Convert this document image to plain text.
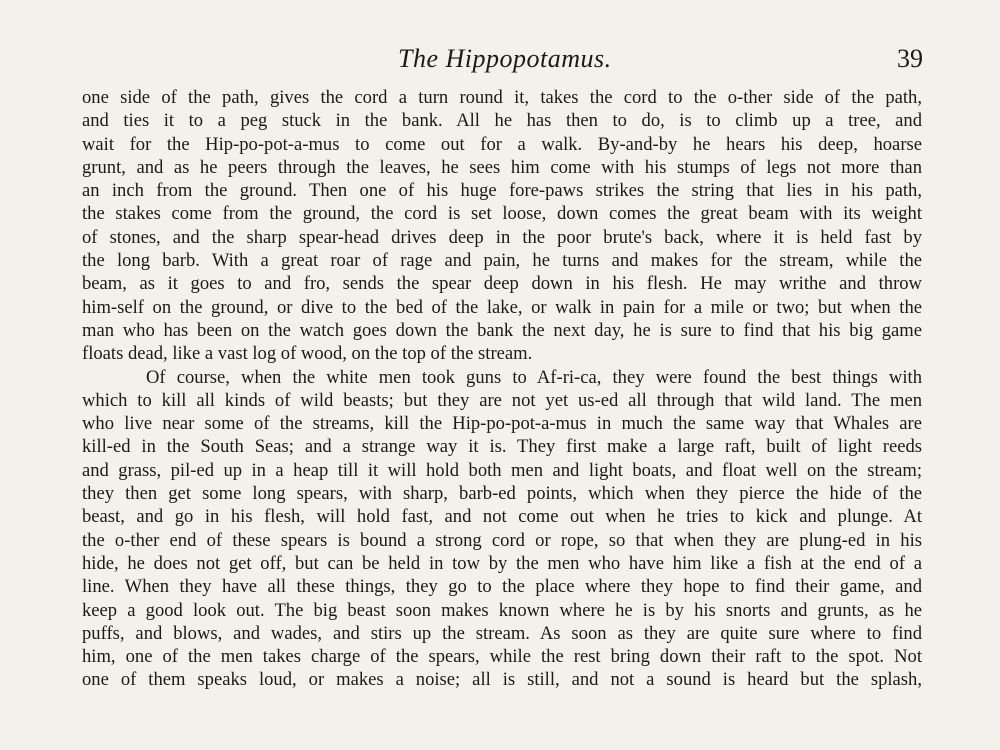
The Hippopotamus.	39
one side of the path, gives the cord a turn round it, takes the cord to the o-ther side of the path,
and ties it to a peg stuck in the bank. All he has then to do, is to climb up a tree, and
wait for the Hip-po-pot-a-mus to come out for a walk. By-and-by he hears his deep, hoarse
grunt, and as he peers through the leaves, he sees him come with his stumps of legs not more than
an inch from the ground. Then one of his huge fore-paws strikes the string that lies in his path,
the stakes come from the ground, the cord is set loose, down comes the great beam with its weight
of stones, and the sharp spear-head drives deep in the poor brute's back, where it is held fast by
the long barb. With a great roar of rage and pain, he turns and makes for the stream, while the
beam, as it goes to and fro, sends the spear deep down in his flesh. He may writhe and throw
him-self on the ground, or dive to the bed of the lake, or walk in pain for a mile or two; but when the
man who has been on the watch goes down the bank the next day, he is sure to find that his big game
floats dead, like a vast log of wood, on the top of the stream.
Of course, when the white men took guns to Af-ri-ca, they were found the best things with
which to kill all kinds of wild beasts; but they are not yet us-ed all through that wild land. The men
who live near some of the streams, kill the Hip-po-pot-a-mus in much the same way that Whales are
kill-ed in the South Seas; and a strange way it is. They first make a large raft, built of light reeds
and grass, pil-ed up in a heap till it will hold both men and light boats, and float well on the stream;
they then get some long spears, with sharp, barb-ed points, which when they pierce the hide of the
beast, and go in his flesh, will hold fast, and not come out when he tries to kick and plunge. At
the o-ther end of these spears is bound a strong cord or rope, so that when they are plung-ed in his
hide, he does not get off, but can be held in tow by the men who have him like a fish at the end of a
line. When they have all these things, they go to the place where they hope to find their game, and
keep a good look out. The big beast soon makes known where he is by his snorts and grunts, as he
puffs, and blows, and wades, and stirs up the stream. As soon as they are quite sure where to find
him, one of the men takes charge of the spears, while the rest bring down their raft to the spot. Not
one of them speaks loud, or makes a noise; all is still, and not a sound is heard but the splash,
